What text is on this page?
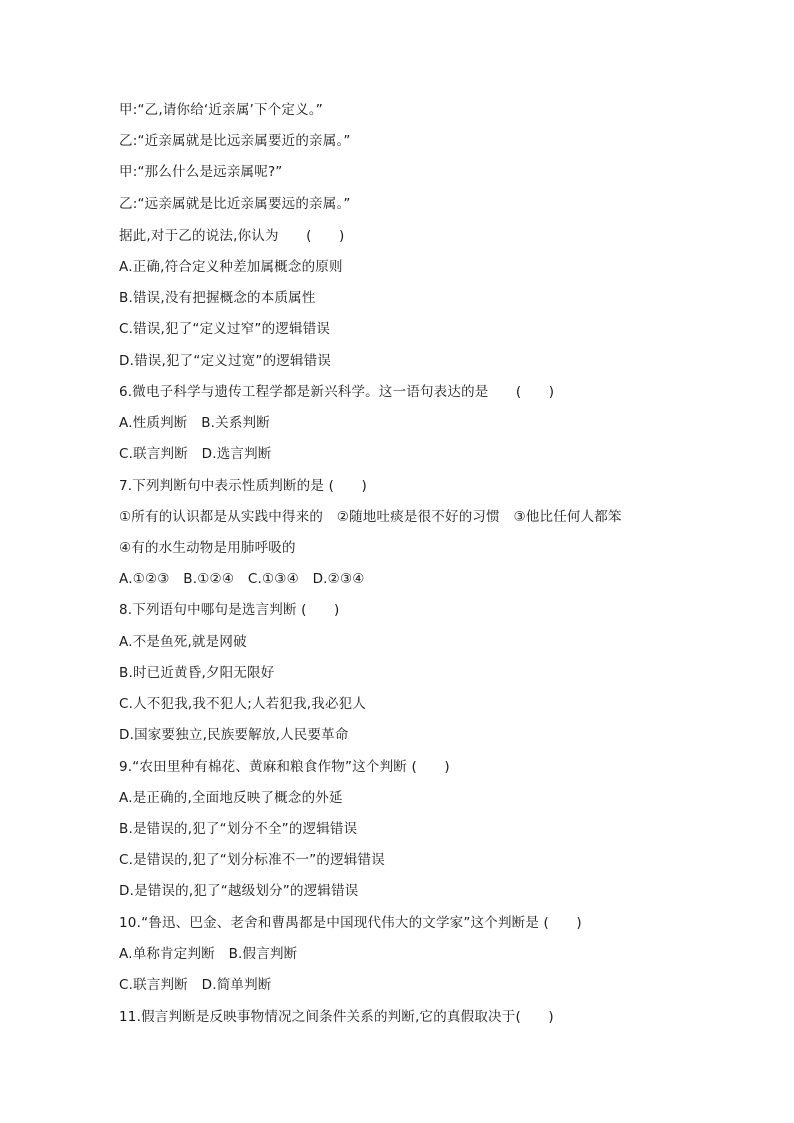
甲:“乙,请你给‘近亲属’下个定义。”
乙:“近亲属就是比远亲属要近的亲属。”
甲:“那么什么是远亲属呢?”
乙:“远亲属就是比近亲属要远的亲属。”
据此,对于乙的说法,你认为　　(　　)
A.正确,符合定义种差加属概念的原则
B.错误,没有把握概念的本质属性
C.错误,犯了“定义过窄”的逻辑错误
D.错误,犯了“定义过宽”的逻辑错误
6.微电子科学与遗传工程学都是新兴科学。这一语句表达的是　　(　　)
A.性质判断　B.关系判断
C.联言判断　D.选言判断
7.下列判断句中表示性质判断的是 (　　)
①所有的认识都是从实践中得来的　②随地吐痰是很不好的习惯　③他比任何人都笨
④有的水生动物是用肺呼吸的
A.①②③　B.①②④　C.①③④　D.②③④
8.下列语句中哪句是选言判断 (　　)
A.不是鱼死,就是网破
B.时已近黄昏,夕阳无限好
C.人不犯我,我不犯人;人若犯我,我必犯人
D.国家要独立,民族要解放,人民要革命
9.“农田里种有棉花、黄麻和粮食作物”这个判断 (　　)
A.是正确的,全面地反映了概念的外延
B.是错误的,犯了“划分不全”的逻辑错误
C.是错误的,犯了“划分标准不一”的逻辑错误
D.是错误的,犯了“越级划分”的逻辑错误
10.“鲁迅、巴金、老舍和曹禺都是中国现代伟大的文学家”这个判断是 (　　)
A.单称肯定判断　B.假言判断
C.联言判断　D.简单判断
11.假言判断是反映事物情况之间条件关系的判断,它的真假取决于(　　)
